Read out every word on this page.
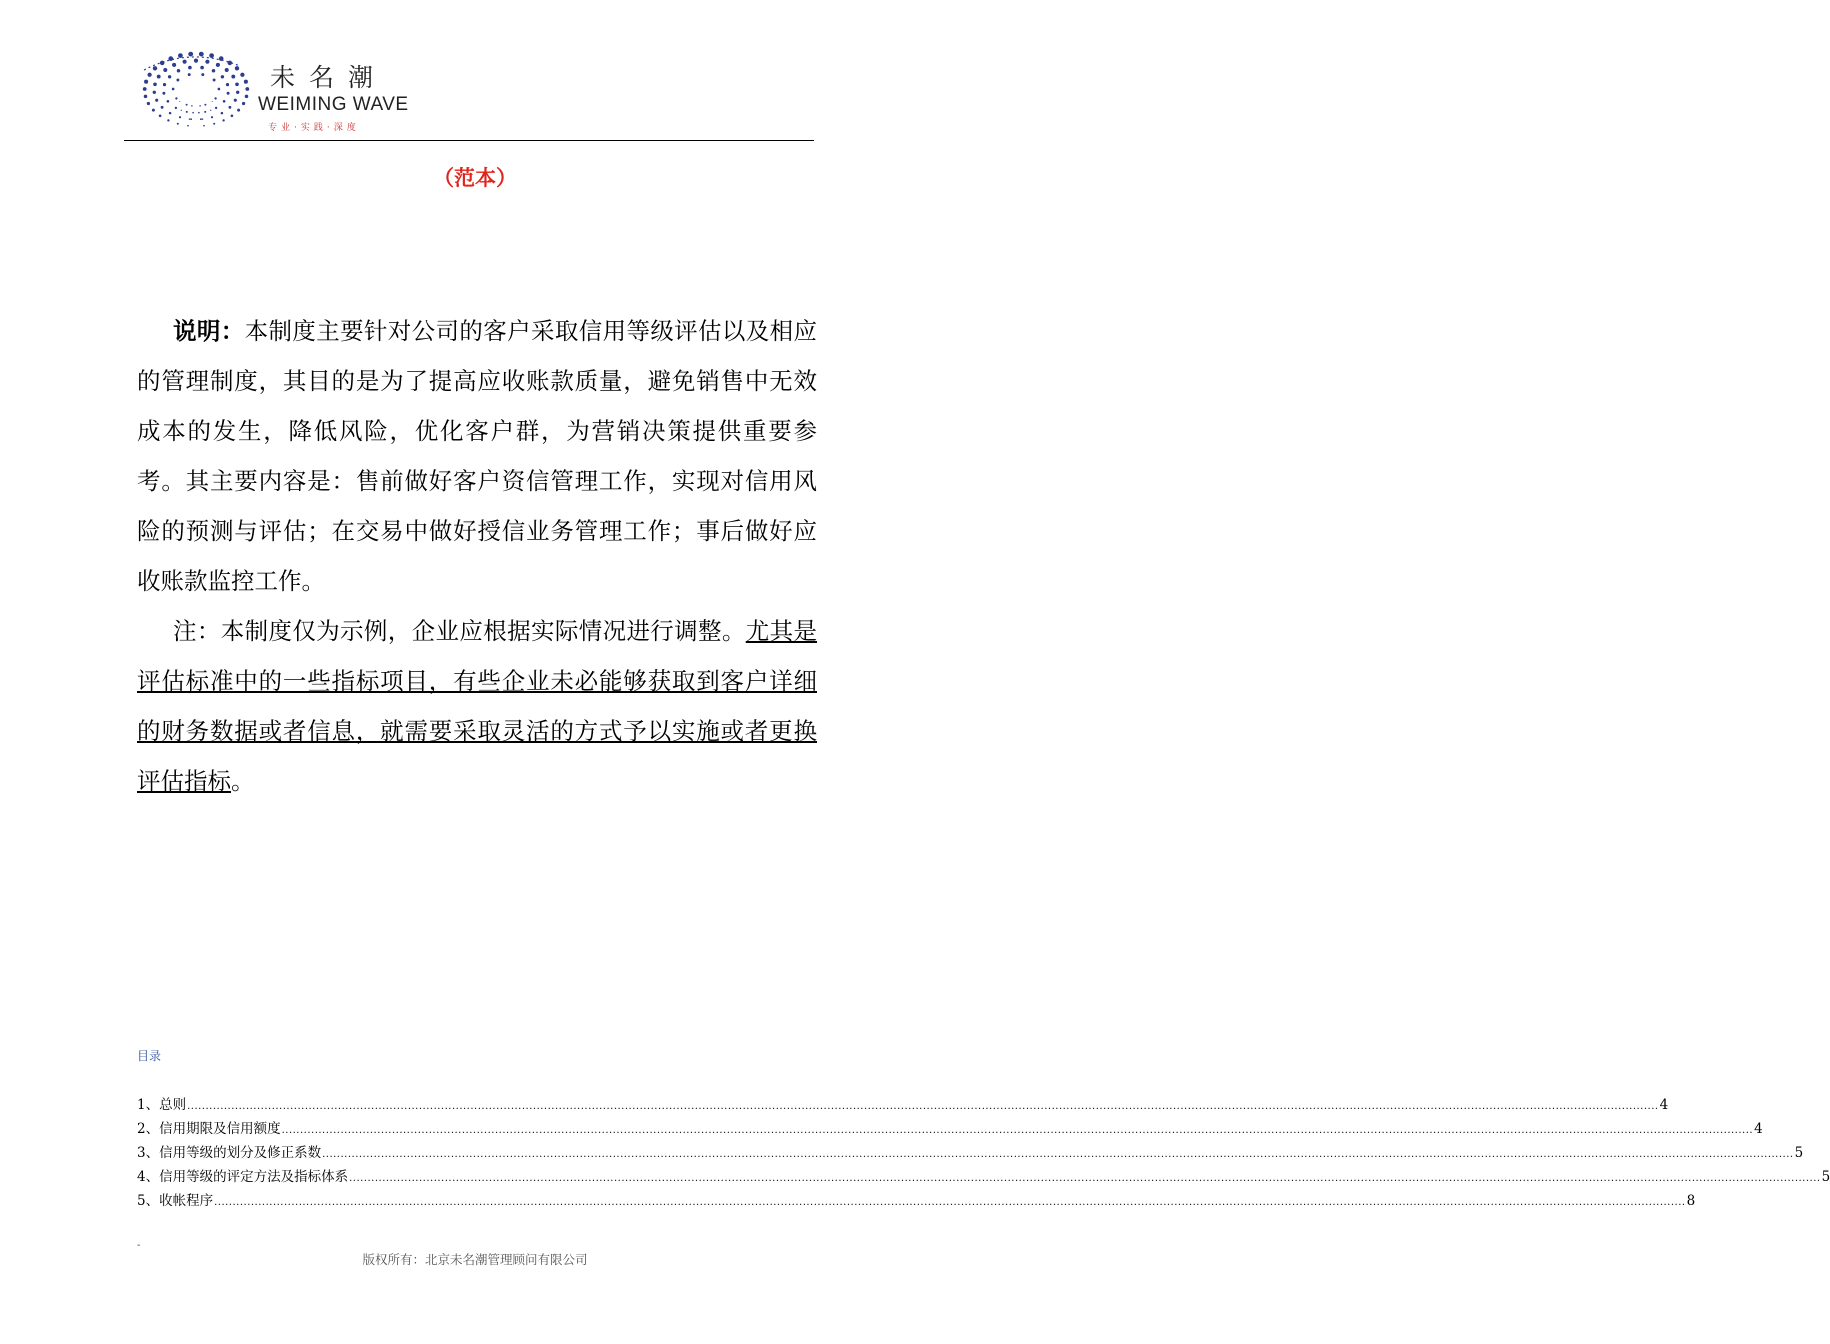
未名潮
WEIMING WAVE
专业·实践·深度
（范本）

说明：本制度主要针对公司的客户采取信用等级评估以及相应的管理制度，其目的是为了提高应收账款质量，避免销售中无效成本的发生，降低风险，优化客户群，为营销决策提供重要参考。其主要内容是：售前做好客户资信管理工作，实现对信用风险的预测与评估；在交易中做好授信业务管理工作；事后做好应收账款监控工作。

注：本制度仅为示例，企业应根据实际情况进行调整。尤其是评估标准中的一些指标项目，有些企业未必能够获取到客户详细的财务数据或者信息，就需要采取灵活的方式予以实施或者更换评估指标。

目录
1、总则 ................................................................................................................................................................................................................................................................................................................................................................................................................ 4
2、信用期限及信用额度 ................................................................................................................................................................................................................................................................................................................................................................................................................ 4
3、信用等级的划分及修正系数 ................................................................................................................................................................................................................................................................................................................................................................................................................ 5
4、信用等级的评定方法及指标体系 ................................................................................................................................................................................................................................................................................................................................................................................................................ 5
5、收帐程序 ................................................................................................................................................................................................................................................................................................................................................................................................................ 8
-
版权所有：北京未名潮管理顾问有限公司
